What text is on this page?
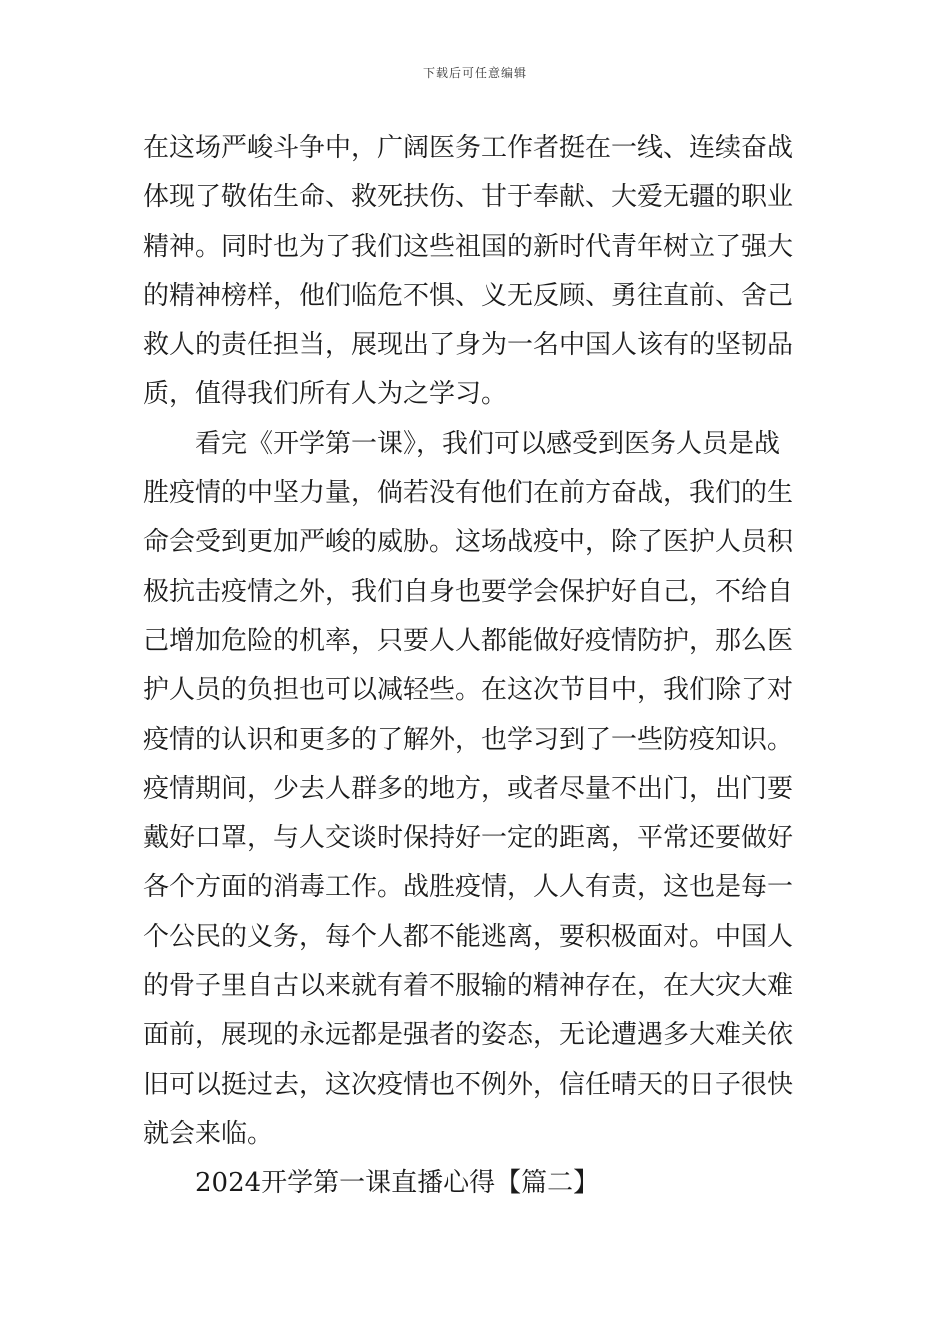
下载后可任意编辑
在这场严峻斗争中，广阔医务工作者挺在一线、连续奋战
体现了敬佑生命、救死扶伤、甘于奉献、大爱无疆的职业
精神。同时也为了我们这些祖国的新时代青年树立了强大
的精神榜样，他们临危不惧、义无反顾、勇往直前、舍己
救人的责任担当，展现出了身为一名中国人该有的坚韧品
质，值得我们所有人为之学习。
看完《开学第一课》，我们可以感受到医务人员是战
胜疫情的中坚力量，倘若没有他们在前方奋战，我们的生
命会受到更加严峻的威胁。这场战疫中，除了医护人员积
极抗击疫情之外，我们自身也要学会保护好自己，不给自
己增加危险的机率，只要人人都能做好疫情防护，那么医
护人员的负担也可以减轻些。在这次节目中，我们除了对
疫情的认识和更多的了解外，也学习到了一些防疫知识。
疫情期间，少去人群多的地方，或者尽量不出门，出门要
戴好口罩，与人交谈时保持好一定的距离，平常还要做好
各个方面的消毒工作。战胜疫情，人人有责，这也是每一
个公民的义务，每个人都不能逃离，要积极面对。中国人
的骨子里自古以来就有着不服输的精神存在，在大灾大难
面前，展现的永远都是强者的姿态，无论遭遇多大难关依
旧可以挺过去，这次疫情也不例外，信任晴天的日子很快
就会来临。
2024开学第一课直播心得【篇二】
